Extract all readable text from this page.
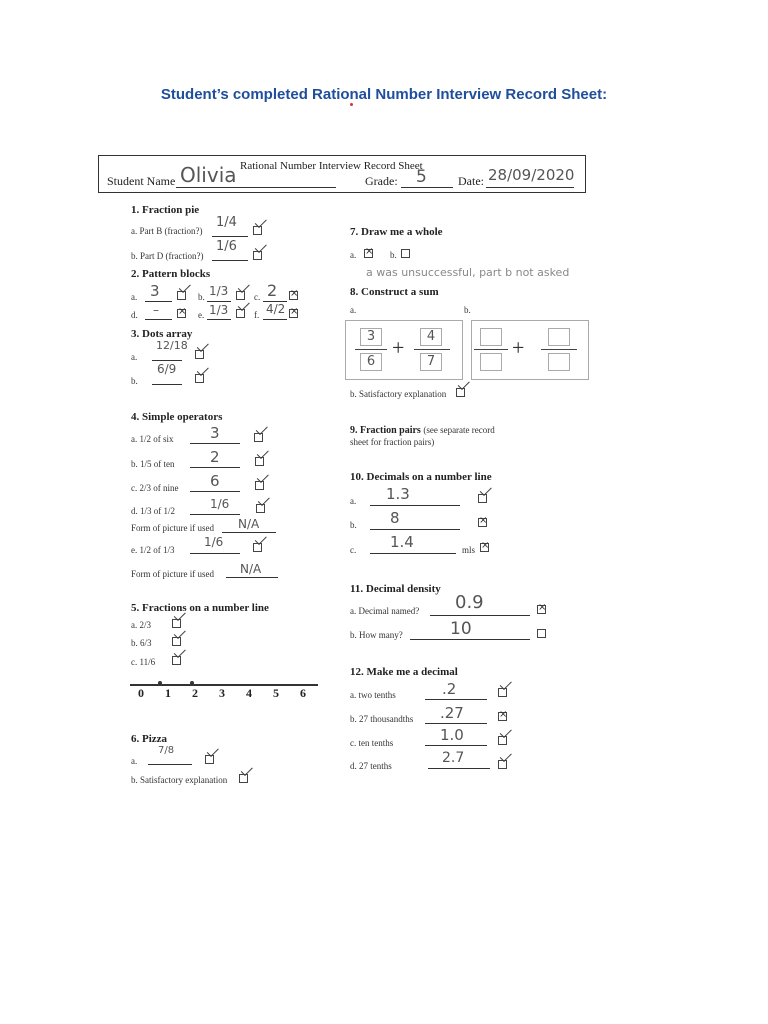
Student’s completed Rational Number Interview Record Sheet:
Rational Number Interview Record Sheet
Student Name Olivia	Grade: 5	Date: 28/09/2020
1. Fraction pie
a. Part B (fraction?)
1/4
b. Part D (fraction?)
1/6
2. Pattern blocks
a. 3	b. 1/3	c. 2
×
d. – ×	e. 1/3	f. 4/2
×
3. Dots array
a.
12/18
b.
6/9
4. Simple operators
a. 1/2 of six 3
b. 1/5 of ten 2
c. 2/3 of nine 6
d. 1/3 of 1/2	1/6
Form of picture if used N/A
e. 1/2 of 1/3
1/6
Form of picture if used N/A
5. Fractions on a number line
a. 2/3
b. 6/3
c. 11/6
0 1 2 3 4 5 6
6. Pizza
a.
7/8
b. Satisfactory explanation
7. Draw me a whole
a. ×	b.
a was unsuccessful, part b not asked
8. Construct a sum
a.	b.
3
6
+	4
7
+
b. Satisfactory explanation
9. Fraction pairs (see separate record
sheet for fraction pairs)
10. Decimals on a number line
a. 1.3
b. 8
×
c. 1.4	mls
×
11. Decimal density
a. Decimal named? 0.9
×
b. How many?	10
12. Make me a decimal
a. two tenths	.2
b. 27 thousandths .27
×
c. ten tenths	1.0
d. 27 tenths	2.7
